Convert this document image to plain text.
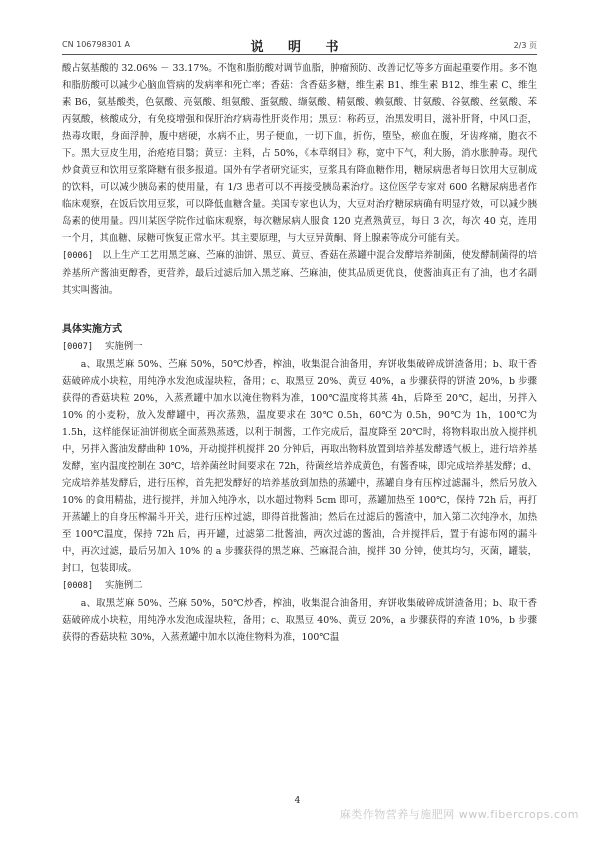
CN 106798301 A	说 明 书	2/3 页

酸占氨基酸的 32.06% － 33.17%。不饱和脂肪酸对调节血脂，肿瘤预防、改善记忆等多方面起重要作用。多不饱和脂肪酸可以减少心脑血管病的发病率和死亡率；香菇：含香菇多糖，维生素 B1、维生素 B12、维生素 C、维生素 B6，氨基酸类，色氨酸、亮氨酸、组氨酸、蛋氨酸、缬氨酸、精氨酸、赖氨酸、甘氨酸、谷氨酸、丝氨酸、苯丙氨酸，核酸成分，有免疫增强和保肝治疗病毒性肝炎作用；黑豆：称药豆，治黑发明目，滋补肝肾，中风口歪，热毒攻眼，身面浮肿，腹中痞硬，水病不止，男子便血，一切下血，折伤，堕坠，瘀血在腹，牙齿疼痛，胞衣不下。黑大豆皮生用，治疮疮目翳；黄豆：主料，占 50%，《本草纲目》称，宽中下气，利大肠，消水胀肿毒。现代炒食黄豆和饮用豆浆降糖有很多报道。国外有学者研究证实，豆浆具有降血糖作用，糖尿病患者每日饮用大豆制成的饮料，可以减少胰岛素的使用量，有 1/3 患者可以不再接受胰岛素治疗。这位医学专家对 600 名糖尿病患者作临床观察，在饭后饮用豆浆，可以降低血糖含量。美国专家也认为，大豆对治疗糖尿病确有明显疗效，可以减少胰岛素的使用量。四川某医学院作过临床观察，每次糖尿病人服食 120 克煮熟黄豆，每日 3 次，每次 40 克，连用一个月，其血糖、尿糖可恢复正常水平。其主要原理，与大豆异黄酮、肾上腺素等成分可能有关。

[0006] 以上生产工艺用黑芝麻、苎麻的油饼、黑豆、黄豆、香菇在蒸罐中混合发酵培养制菌，使发酵制菌得的培养基所产酱油更醇香，更营养，最后过滤后加入黑芝麻、苎麻油，使其品质更优良，使酱油真正有了油，也才名副其实叫酱油。

具体实施方式

[0007] 实施例一

a、取黑芝麻 50%、苎麻 50%，50℃炒香，榨油，收集混合油备用，弃饼收集破碎成饼渣备用；b、取干香菇破碎成小块粒，用纯净水发泡成湿块粒，备用；c、取黑豆 20%、黄豆 40%，a 步骤获得的饼渣 20%，b 步骤获得的香菇块粒 20%，入蒸煮罐中加水以淹住物料为准，100℃温度将其蒸 4h，后降至 20℃，起出，另拌入 10% 的小麦粉，放入发酵罐中，再次蒸熟，温度要求在 30℃ 0.5h，60℃为 0.5h，90℃为 1h，100℃为 1.5h，这样能保证油饼彻底全面蒸熟蒸透，以利于制酱，工作完成后，温度降至 20℃时，将物料取出放入搅拌机中，另拌入酱油发酵曲种 10%，开动搅拌机搅拌 20 分钟后，再取出物料放置到培养基发酵透气板上，进行培养基发酵，室内温度控制在 30℃，培养菌丝时间要求在 72h，待菌丝培养成黄色，有酱香味，即完成培养基发酵；d、完成培养基发酵后，进行压榨，首先把发酵好的培养基放到加热的蒸罐中，蒸罐自身有压榨过滤漏斗，然后另放入 10% 的食用精盐，进行搅拌，并加入纯净水，以水超过物料 5cm 即可，蒸罐加热至 100℃，保持 72h 后，再打开蒸罐上的自身压榨漏斗开关，进行压榨过滤，即得首批酱油；然后在过滤后的酱渣中，加入第二次纯净水，加热至 100℃温度，保持 72h 后，再开罐，过滤第二批酱油，两次过滤的酱油，合并搅拌后，置于有滤布网的漏斗中，再次过滤，最后另加入 10% 的 a 步骤获得的黑芝麻、苎麻混合油，搅拌 30 分钟，使其均匀，灭菌，罐装，封口，包装即成。

[0008] 实施例二

a、取黑芝麻 50%、苎麻 50%，50℃炒香，榨油，收集混合油备用，弃饼收集破碎成饼渣备用；b、取干香菇破碎成小块粒，用纯净水发泡成湿块粒，备用；c、取黑豆 40%、黄豆 20%，a 步骤获得的弃渣 10%，b 步骤获得的香菇块粒 30%，入蒸煮罐中加水以淹住物料为准，100℃温

4
麻类作物营养与施肥网 www.fibercrops.com
